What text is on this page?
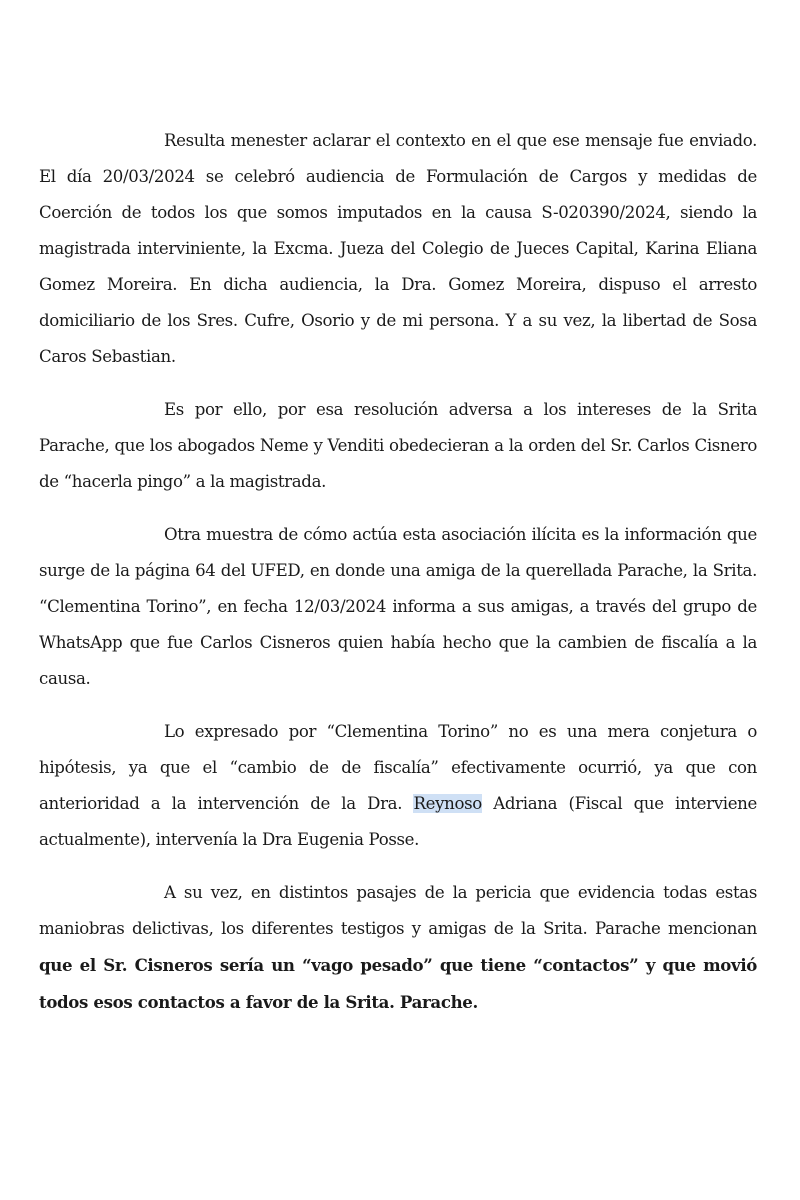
Resulta menester aclarar el contexto en el que ese mensaje fue enviado. El día 20/03/2024 se celebró audiencia de Formulación de Cargos y medidas de Coerción de todos los que somos imputados en la causa S-020390/2024, siendo la magistrada interviniente, la Excma. Jueza del Colegio de Jueces Capital, Karina Eliana Gomez Moreira. En dicha audiencia, la Dra. Gomez Moreira, dispuso el arresto domiciliario de los Sres. Cufre, Osorio y de mi persona. Y a su vez, la libertad de Sosa Caros Sebastian.

Es por ello, por esa resolución adversa a los intereses de la Srita Parache, que los abogados Neme y Venditi obedecieran a la orden del Sr. Carlos Cisnero de “hacerla pingo” a la magistrada.

Otra muestra de cómo actúa esta asociación ilícita es la información que surge de la página 64 del UFED, en donde una amiga de la querellada Parache, la Srita. “Clementina Torino”, en fecha 12/03/2024 informa a sus amigas, a través del grupo de WhatsApp que fue Carlos Cisneros quien había hecho que la cambien de fiscalía a la causa.

Lo expresado por “Clementina Torino” no es una mera conjetura o hipótesis, ya que el “cambio de de fiscalía” efectivamente ocurrió, ya que con anterioridad a la intervención de la Dra. Reynoso Adriana (Fiscal que interviene actualmente), intervenía la Dra Eugenia Posse.

A su vez, en distintos pasajes de la pericia que evidencia todas estas maniobras delictivas, los diferentes testigos y amigas de la Srita. Parache mencionan que el Sr. Cisneros sería un “vago pesado” que tiene “contactos” y que movió todos esos contactos a favor de la Srita. Parache.
